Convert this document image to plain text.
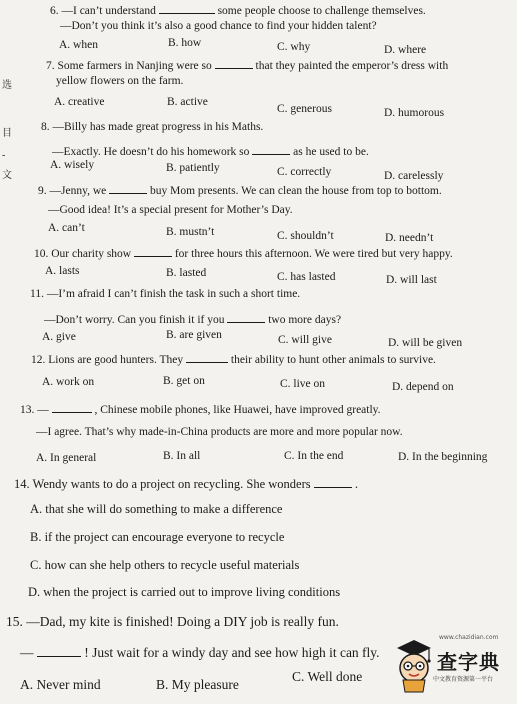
选
目
-
文
6. —I can’t understand	some people choose to challenge themselves.
—Don’t you think it’s also a good chance to find your hidden talent?
A. when	B. how	C. why	D. where
7. Some farmers in Nanjing were so	that they painted the emperor’s dress with
yellow flowers on the farm.
A. creative	B. active
C. generous	D. humorous
8. —Billy has made great progress in his Maths.
—Exactly. He doesn’t do his homework so	as he used to be.
A. wisely	B. patiently	C. correctly	D. carelessly
9. —Jenny, we	buy Mom presents. We can clean the house from top to bottom.
—Good idea! It’s a special present for Mother’s Day.
A. can’t	B. mustn’t	C. shouldn’t	D. needn’t
10. Our charity show	for three hours this afternoon. We were tired but very happy.
A. lasts	B. lasted	C. has lasted	D. will last
11. —I’m afraid I can’t finish the task in such a short time.
—Don’t worry. Can you finish it if you	two more days?
A. give	B. are given	C. will give	D. will be given
12. Lions are good hunters. They	their ability to hunt other animals to survive.
A. work on	B. get on	C. live on	D. depend on
13. —	, Chinese mobile phones, like Huawei, have improved greatly.
—I agree. That’s why made-in-China products are more and more popular now.
A. In general	B. In all	C. In the end	D. In the beginning
14. Wendy wants to do a project on recycling. She wonders	.
A. that she will do something to make a difference
B. if the project can encourage everyone to recycle
C. how can she help others to recycle useful materials
D. when the project is carried out to improve living conditions
15. —Dad, my kite is finished! Doing a DIY job is really fun.
—	! Just wait for a windy day and see how high it can fly.
A. Never mind	B. My pleasure
C. Well done
www.chazidian.com
查字典
中文教育资源第一平台
